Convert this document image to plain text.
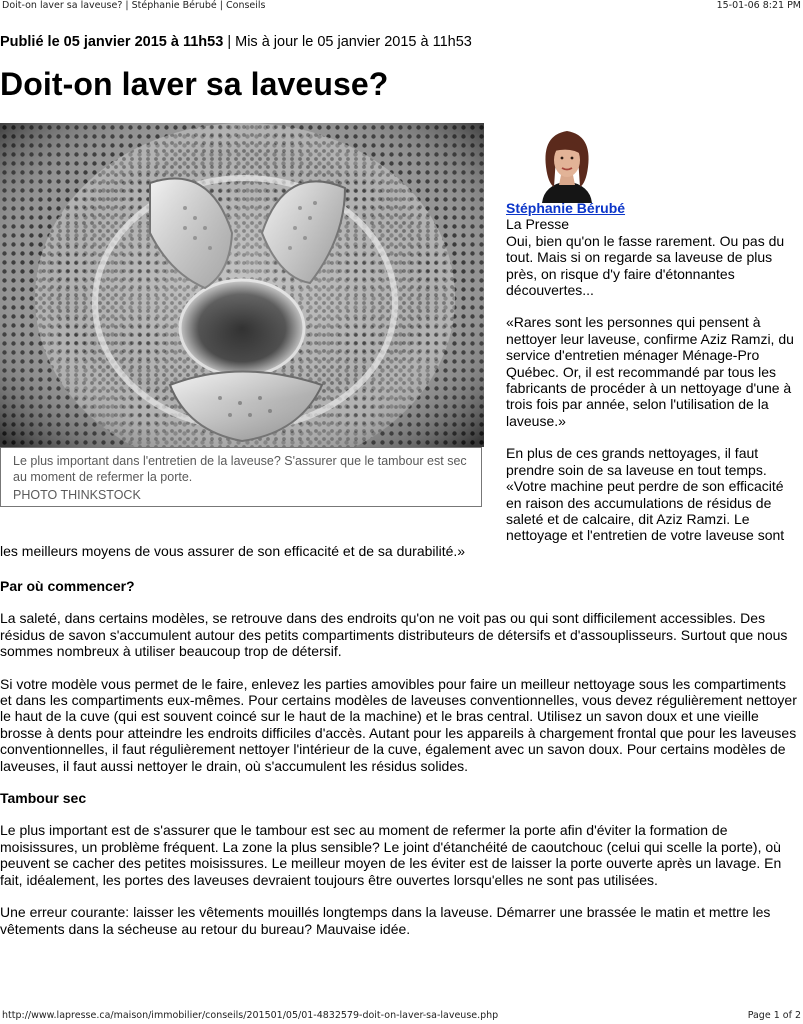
Doit-on laver sa laveuse? | Stéphanie Bérubé | Conseils	15-01-06 8:21 PM
Publié le 05 janvier 2015 à 11h53 | Mis à jour le 05 janvier 2015 à 11h53
Doit-on laver sa laveuse?
Le plus important dans l'entretien de la laveuse? S'assurer que le tambour est sec au moment de refermer la porte.
PHOTO THINKSTOCK
Stéphanie Bérubé
La Presse

Oui, bien qu'on le fasse rarement. Ou pas du tout. Mais si on regarde sa laveuse de plus près, on risque d'y faire d'étonnantes découvertes...

«Rares sont les personnes qui pensent à nettoyer leur laveuse, confirme Aziz Ramzi, du service d'entretien ménager Ménage-Pro Québec. Or, il est recommandé par tous les fabricants de procéder à un nettoyage d'une à trois fois par année, selon l'utilisation de la laveuse.»

En plus de ces grands nettoyages, il faut prendre soin de sa laveuse en tout temps. «Votre machine peut perdre de son efficacité en raison des accumulations de résidus de saleté et de calcaire, dit Aziz Ramzi. Le nettoyage et l'entretien de votre laveuse sont

les meilleurs moyens de vous assurer de son efficacité et de sa durabilité.»
Par où commencer?

La saleté, dans certains modèles, se retrouve dans des endroits qu'on ne voit pas ou qui sont difficilement accessibles. Des résidus de savon s'accumulent autour des petits compartiments distributeurs de détersifs et d'assouplisseurs. Surtout que nous sommes nombreux à utiliser beaucoup trop de détersif.

Si votre modèle vous permet de le faire, enlevez les parties amovibles pour faire un meilleur nettoyage sous les compartiments et dans les compartiments eux-mêmes. Pour certains modèles de laveuses conventionnelles, vous devez régulièrement nettoyer le haut de la cuve (qui est souvent coincé sur le haut de la machine) et le bras central. Utilisez un savon doux et une vieille brosse à dents pour atteindre les endroits difficiles d'accès. Autant pour les appareils à chargement frontal que pour les laveuses conventionnelles, il faut régulièrement nettoyer l'intérieur de la cuve, également avec un savon doux. Pour certains modèles de laveuses, il faut aussi nettoyer le drain, où s'accumulent les résidus solides.

Tambour sec

Le plus important est de s'assurer que le tambour est sec au moment de refermer la porte afin d'éviter la formation de moisissures, un problème fréquent. La zone la plus sensible? Le joint d'étanchéité de caoutchouc (celui qui scelle la porte), où peuvent se cacher des petites moisissures. Le meilleur moyen de les éviter est de laisser la porte ouverte après un lavage. En fait, idéalement, les portes des laveuses devraient toujours être ouvertes lorsqu'elles ne sont pas utilisées.

Une erreur courante: laisser les vêtements mouillés longtemps dans la laveuse. Démarrer une brassée le matin et mettre les vêtements dans la sécheuse au retour du bureau? Mauvaise idée.

http://www.lapresse.ca/maison/immobilier/conseils/201501/05/01-4832579-doit-on-laver-sa-laveuse.php	Page 1 of 2
